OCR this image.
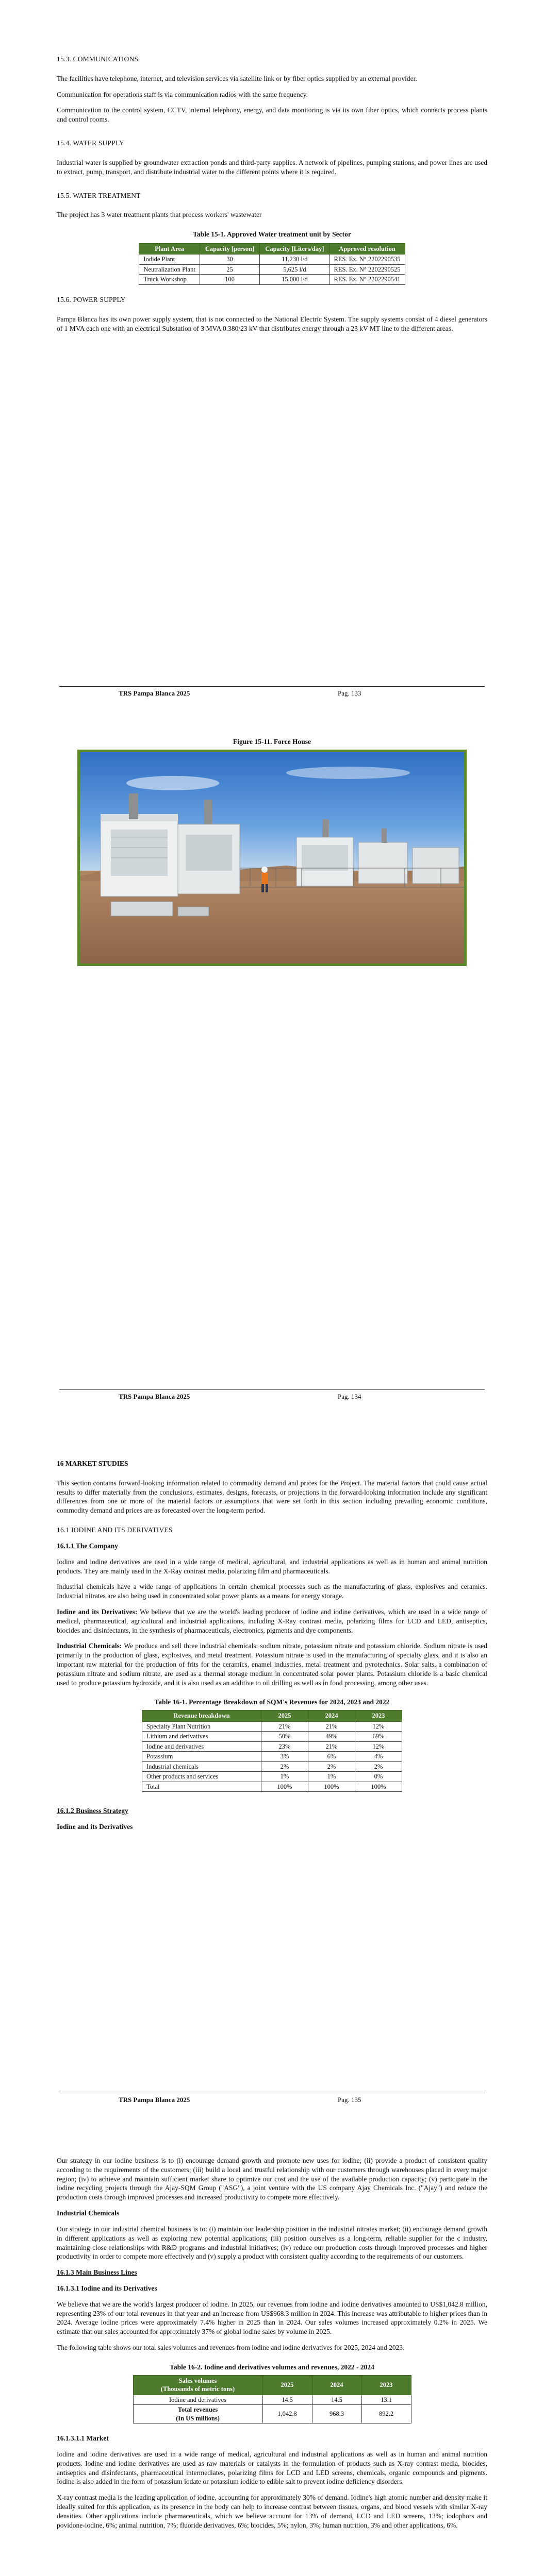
15.3. COMMUNICATIONS

The facilities have telephone, internet, and television services via satellite link or by fiber optics supplied by an external provider.

Communication for operations staff is via communication radios with the same frequency.

Communication to the control system, CCTV, internal telephony, energy, and data monitoring is via its own fiber optics, which connects process plants and control rooms.

15.4. WATER SUPPLY

Industrial water is supplied by groundwater extraction ponds and third-party supplies. A network of pipelines, pumping stations, and power lines are used to extract, pump, transport, and distribute industrial water to the different points where it is required.

15.5. WATER TREATMENT

The project has 3 water treatment plants that process workers' wastewater

Table 15-1. Approved Water treatment unit by Sector

Plant Area	Capacity [person]	Capacity [Liters/day]	Approved resolution
Iodide Plant	30	11,230 l/d	RES. Ex. N° 2202290535
Neutralization Plant	25	5,625 l/d	RES. Ex. N° 2202290525
Truck Workshop	100	15,000 l/d	RES. Ex. N° 2202290541

15.6. POWER SUPPLY

Pampa Blanca has its own power supply system, that is not connected to the National Electric System. The supply systems consist of 4 diesel generators of 1 MVA each one with an electrical Substation of 3 MVA 0.380/23 kV that distributes energy through a 23 kV MT line to the different areas.

TRS Pampa Blanca 2025	Pag. 133

Figure 15-11. Force House

TRS Pampa Blanca 2025	Pag. 134

16 MARKET STUDIES

This section contains forward-looking information related to commodity demand and prices for the Project. The material factors that could cause actual results to differ materially from the conclusions, estimates, designs, forecasts, or projections in the forward-looking information include any significant differences from one or more of the material factors or assumptions that were set forth in this section including prevailing economic conditions, commodity demand and prices are as forecasted over the long-term period.

16.1 IODINE AND ITS DERIVATIVES

16.1.1 The Company

Iodine and iodine derivatives are used in a wide range of medical, agricultural, and industrial applications as well as in human and animal nutrition products. They are mainly used in the X-Ray contrast media, polarizing film and pharmaceuticals.

Industrial chemicals have a wide range of applications in certain chemical processes such as the manufacturing of glass, explosives and ceramics. Industrial nitrates are also being used in concentrated solar power plants as a means for energy storage.

Iodine and its Derivatives: We believe that we are the world's leading producer of iodine and iodine derivatives, which are used in a wide range of medical, pharmaceutical, agricultural and industrial applications, including X-Ray contrast media, polarizing films for LCD and LED, antiseptics, biocides and disinfectants, in the synthesis of pharmaceuticals, electronics, pigments and dye components.

Industrial Chemicals: We produce and sell three industrial chemicals: sodium nitrate, potassium nitrate and potassium chloride. Sodium nitrate is used primarily in the production of glass, explosives, and metal treatment. Potassium nitrate is used in the manufacturing of specialty glass, and it is also an important raw material for the production of frits for the ceramics, enamel industries, metal treatment and pyrotechnics. Solar salts, a combination of potassium nitrate and sodium nitrate, are used as a thermal storage medium in concentrated solar power plants. Potassium chloride is a basic chemical used to produce potassium hydroxide, and it is also used as an additive to oil drilling as well as in food processing, among other uses.

Table 16-1. Percentage Breakdown of SQM's Revenues for 2024, 2023 and 2022

Revenue breakdown	2025	2024	2023
Specialty Plant Nutrition	21%	21%	12%
Lithium and derivatives	50%	49%	69%
Iodine and derivatives	23%	21%	12%
Potassium	3%	6%	4%
Industrial chemicals	2%	2%	2%
Other products and services	1%	1%	0%
Total	100%	100%	100%

16.1.2 Business Strategy

Iodine and its Derivatives

TRS Pampa Blanca 2025	Pag. 135

Our strategy in our iodine business is to (i) encourage demand growth and promote new uses for iodine; (ii) provide a product of consistent quality according to the requirements of the customers; (iii) build a local and trustful relationship with our customers through warehouses placed in every major region; (iv) to achieve and maintain sufficient market share to optimize our cost and the use of the available production capacity; (v) participate in the iodine recycling projects through the Ajay-SQM Group ("ASG"), a joint venture with the US company Ajay Chemicals Inc. ("Ajay") and reduce the production costs through improved processes and increased productivity to compete more effectively.

Industrial Chemicals

Our strategy in our industrial chemical business is to: (i) maintain our leadership position in the industrial nitrates market; (ii) encourage demand growth in different applications as well as exploring new potential applications; (iii) position ourselves as a long-term, reliable supplier for the c industry, maintaining close relationships with R&D programs and industrial initiatives; (iv) reduce our production costs through improved processes and higher productivity in order to compete more effectively and (v) supply a product with consistent quality according to the requirements of our customers.

16.1.3 Main Business Lines

16.1.3.1 Iodine and its Derivatives

We believe that we are the world's largest producer of iodine. In 2025, our revenues from iodine and iodine derivatives amounted to US$1,042.8 million, representing 23% of our total revenues in that year and an increase from US$968.3 million in 2024. This increase was attributable to higher prices than in 2024. Average iodine prices were approximately 7.4% higher in 2025 than in 2024. Our sales volumes increased approximately 0.2% in 2025. We estimate that our sales accounted for approximately 37% of global iodine sales by volume in 2025.

The following table shows our total sales volumes and revenues from iodine and iodine derivatives for 2025, 2024 and 2023.

Table 16-2. Iodine and derivatives volumes and revenues, 2022 - 2024

Sales volumes
(Thousands of metric tons)	2025	2024	2023
Iodine and derivatives	14.5	14.5	13.1

Total revenues
(In US millions)	1,042.8	968.3	892.2

16.1.3.1.1 Market

Iodine and iodine derivatives are used in a wide range of medical, agricultural and industrial applications as well as in human and animal nutrition products. Iodine and iodine derivatives are used as raw materials or catalysts in the formulation of products such as X-ray contrast media, biocides, antiseptics and disinfectants, pharmaceutical intermediates, polarizing films for LCD and LED screens, chemicals, organic compounds and pigments. Iodine is also added in the form of potassium iodate or potassium iodide to edible salt to prevent iodine deficiency disorders.

X-ray contrast media is the leading application of iodine, accounting for approximately 30% of demand. Iodine's high atomic number and density make it ideally suited for this application, as its presence in the body can help to increase contrast between tissues, organs, and blood vessels with similar X-ray densities. Other applications include pharmaceuticals, which we believe account for 13% of demand, LCD and LED screens, 13%; iodophors and povidone-iodine, 6%; animal nutrition, 7%; fluoride derivatives, 6%; biocides, 5%; nylon, 3%; human nutrition, 3% and other applications, 6%.
